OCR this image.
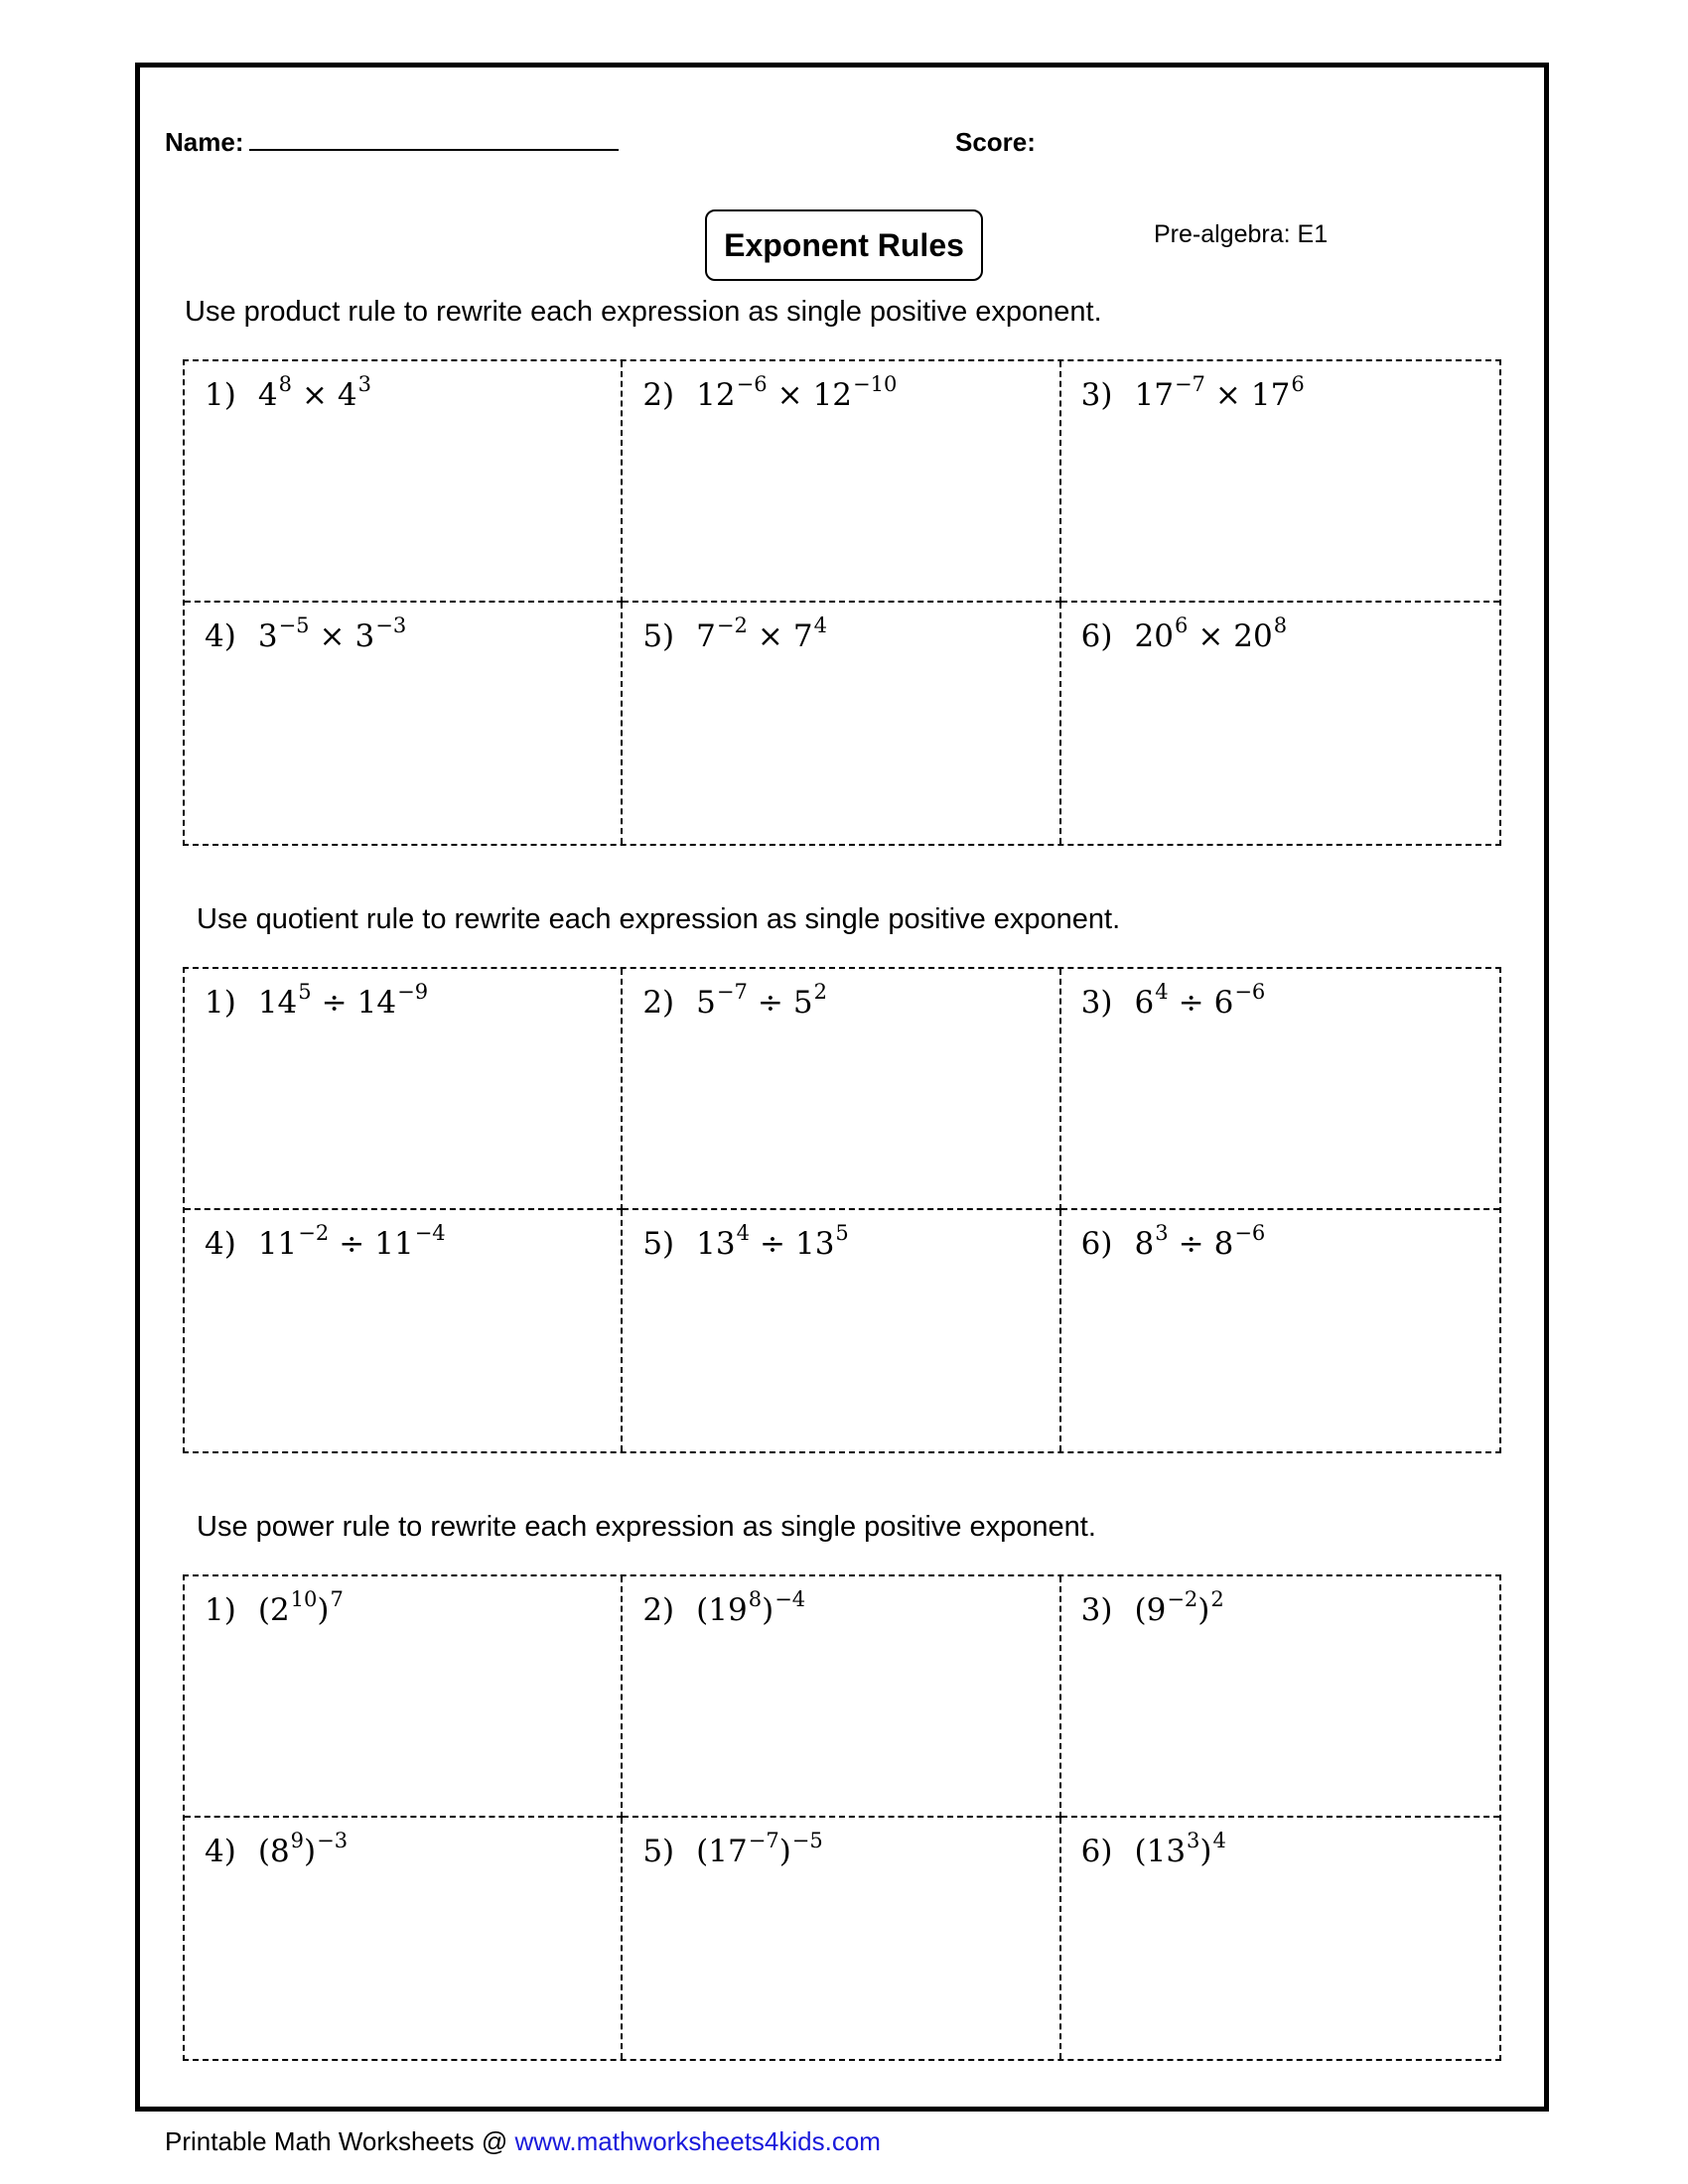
Name:	Score:
Exponent Rules	Pre-algebra: E1
Use product rule to rewrite each expression as single positive exponent.
1) $4^8 \times 4^3$	2) $12^{-6} \times 12^{-10}$	3) $17^{-7} \times 17^6$
4) $3^{-5} \times 3^{-3}$	5) $7^{-2} \times 7^4$	6) $20^6 \times 20^8$
Use quotient rule to rewrite each expression as single positive exponent.
1) $14^5 \div 14^{-9}$	2) $5^{-7} \div 5^2$	3) $6^4 \div 6^{-6}$
4) $11^{-2} \div 11^{-4}$	5) $13^4 \div 13^5$	6) $8^3 \div 8^{-6}$
Use power rule to rewrite each expression as single positive exponent.
1) $(2^{10})^7$	2) $(19^8)^{-4}$	3) $(9^{-2})^2$
4) $(8^9)^{-3}$	5) $(17^{-7})^{-5}$	6) $(13^3)^4$
Printable Math Worksheets @ www.mathworksheets4kids.com
